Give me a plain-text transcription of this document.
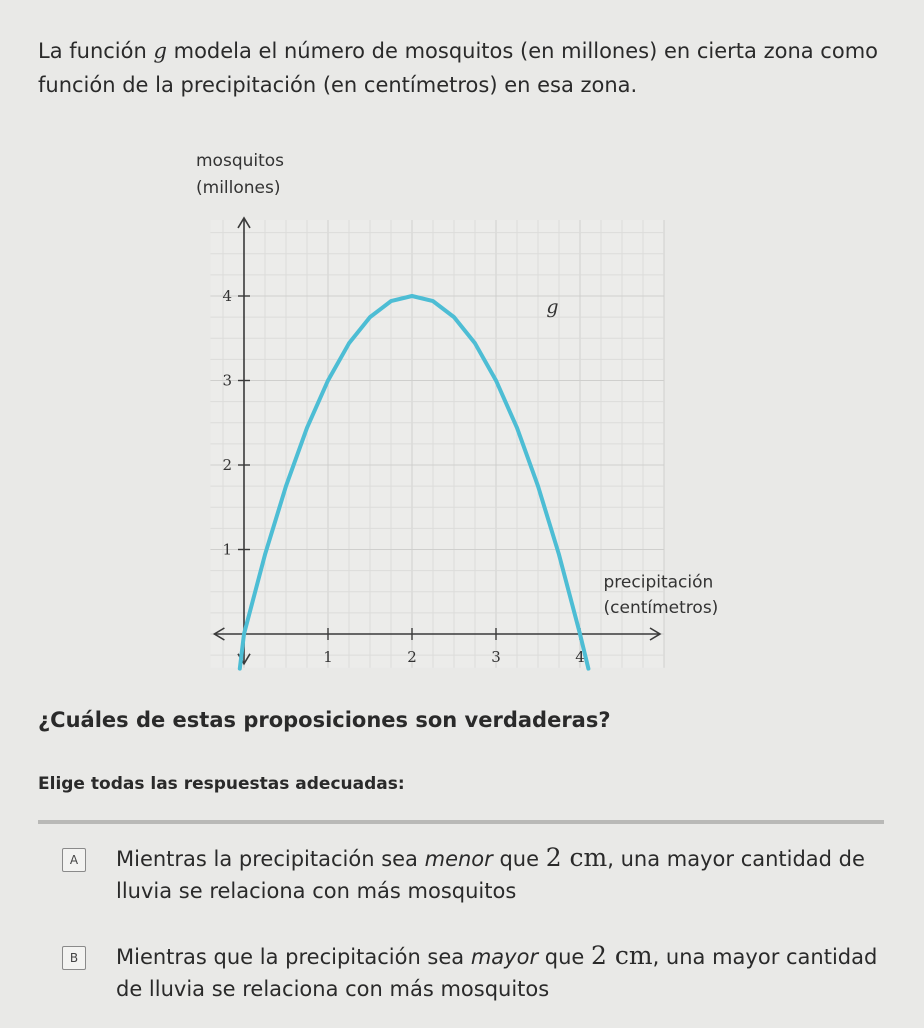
La función g modela el número de mosquitos (en millones) en cierta zona como función de la precipitación (en centímetros) en esa zona.

1	2	3	4
1
2
3
4
mosquitos
(millones)
precipitación
(centímetros)
g

¿Cuáles de estas proposiciones son verdaderas?

Elige todas las respuestas adecuadas:

A	Mientras la precipitación sea menor que 2 cm, una mayor cantidad de lluvia se relaciona con más mosquitos
B	Mientras que la precipitación sea mayor que 2 cm, una mayor cantidad de lluvia se relaciona con más mosquitos
